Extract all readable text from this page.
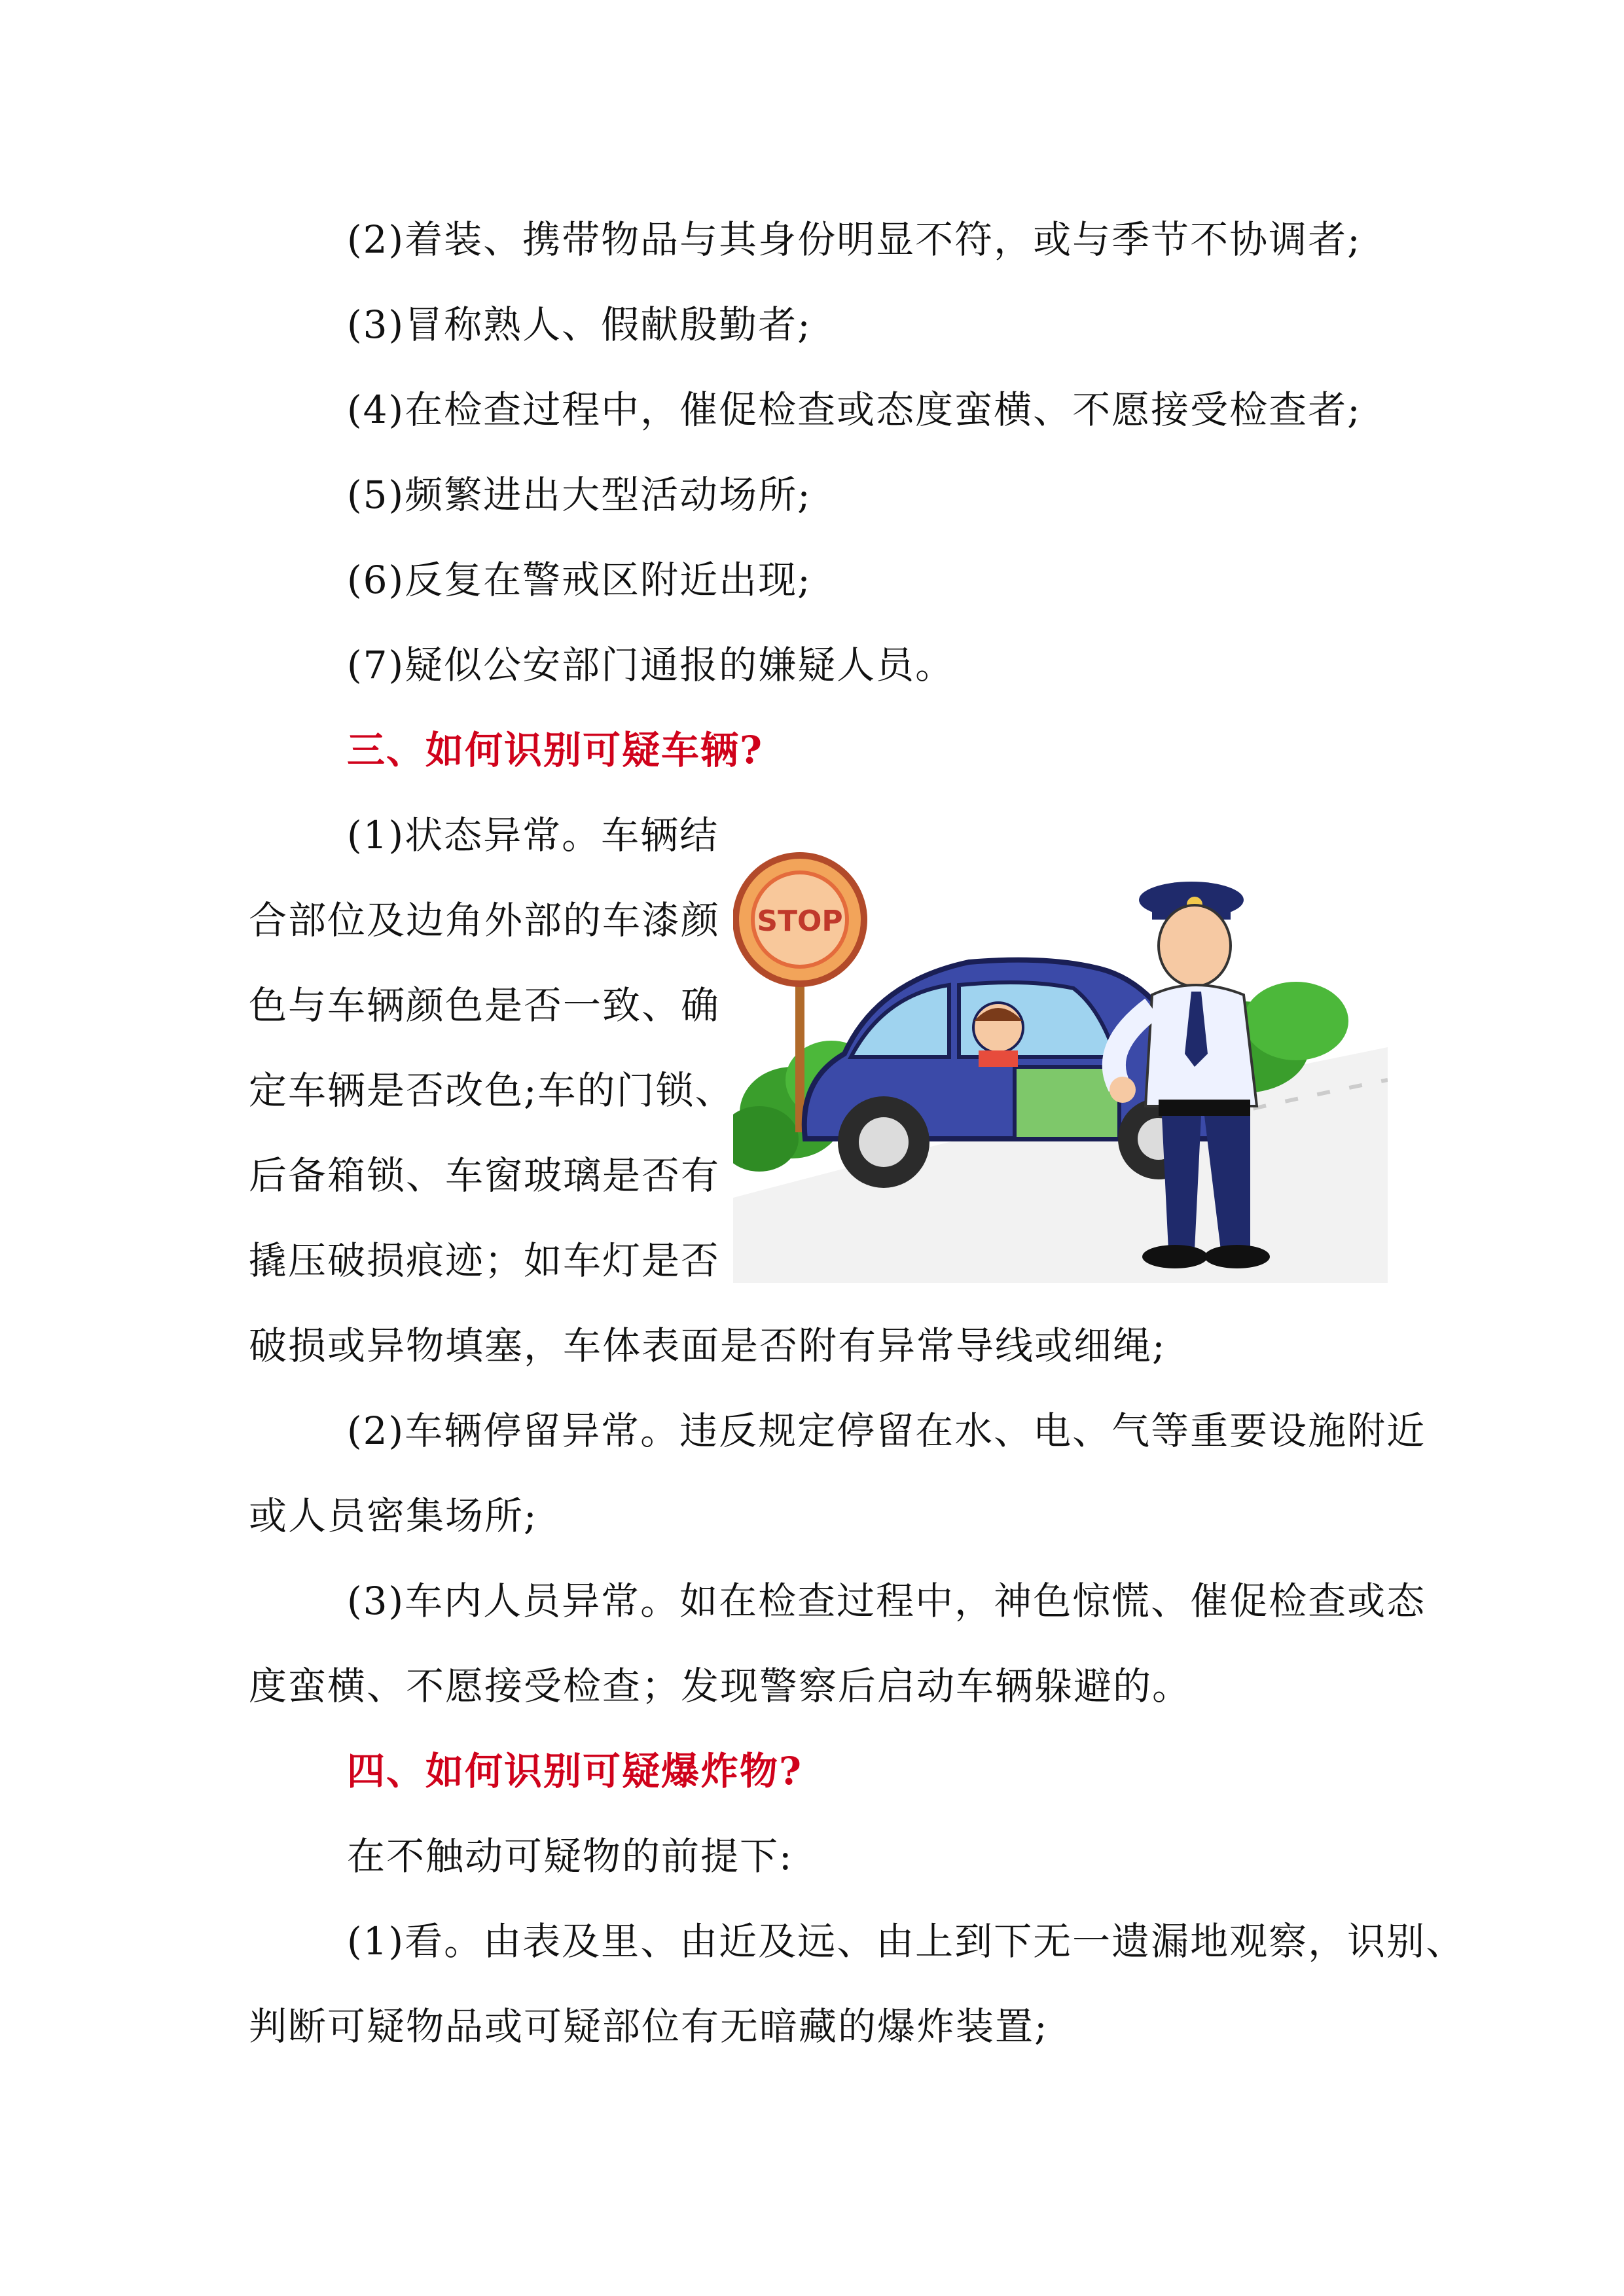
(2)着装、携带物品与其身份明显不符，或与季节不协调者;
(3)冒称熟人、假献殷勤者;
(4)在检查过程中，催促检查或态度蛮横、不愿接受检查者;
(5)频繁进出大型活动场所;
(6)反复在警戒区附近出现;
(7)疑似公安部门通报的嫌疑人员。
三、如何识别可疑车辆?
(1)状态异常。车辆结
合部位及边角外部的车漆颜
色与车辆颜色是否一致、确
定车辆是否改色;车的门锁、
后备箱锁、车窗玻璃是否有
撬压破损痕迹；如车灯是否
破损或异物填塞，车体表面是否附有异常导线或细绳;
(2)车辆停留异常。违反规定停留在水、电、气等重要设施附近
或人员密集场所;
(3)车内人员异常。如在检查过程中，神色惊慌、催促检查或态
度蛮横、不愿接受检查；发现警察后启动车辆躲避的。
四、如何识别可疑爆炸物?
在不触动可疑物的前提下:
(1)看。由表及里、由近及远、由上到下无一遗漏地观察，识别、
判断可疑物品或可疑部位有无暗藏的爆炸装置;
STOP
